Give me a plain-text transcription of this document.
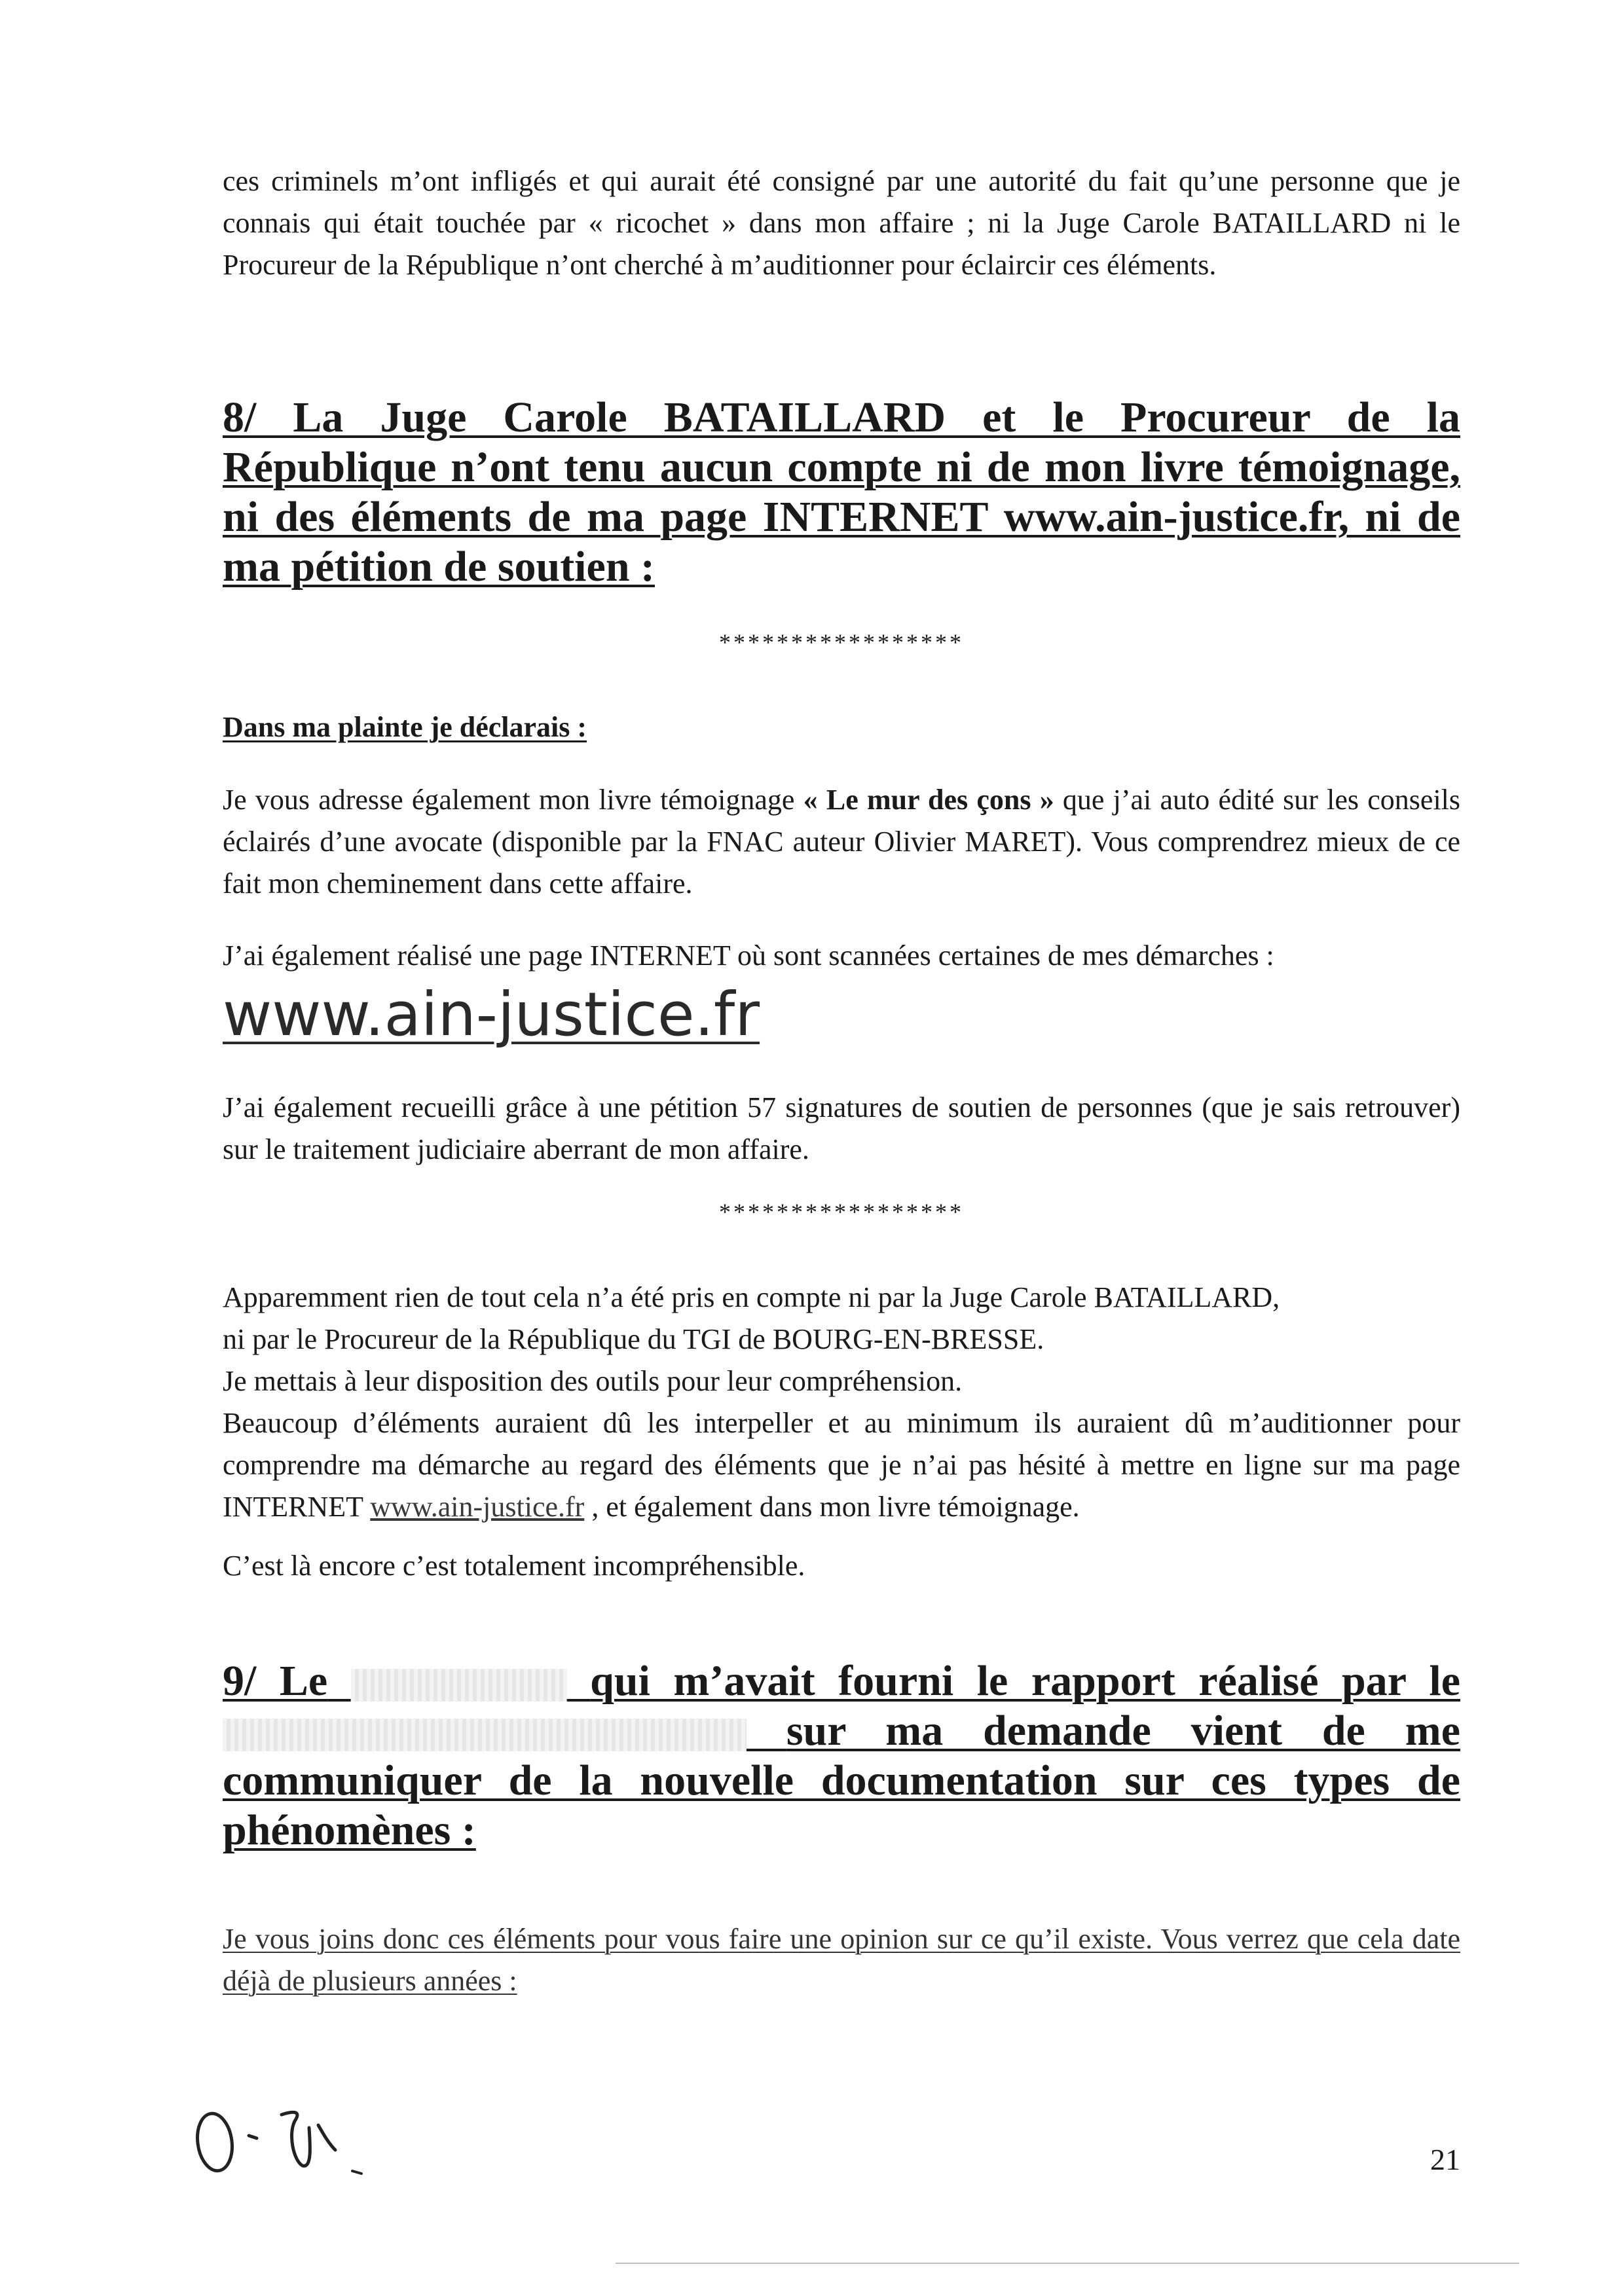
ces criminels m’ont infligés et qui aurait été consigné par une autorité du fait qu’une personne que je connais qui était touchée par « ricochet » dans mon affaire ; ni la Juge Carole BATAILLARD ni le Procureur de la République n’ont cherché à m’auditionner pour éclaircir ces éléments.

8/ La Juge Carole BATAILLARD et le Procureur de la
République n’ont tenu aucun compte ni de mon livre témoignage,
ni des éléments de ma page INTERNET www.ain-justice.fr, ni de
ma pétition de soutien :

*****************

Dans ma plainte je déclarais :

Je vous adresse également mon livre témoignage « Le mur des çons » que j’ai auto édité sur les conseils éclairés d’une avocate (disponible par la FNAC auteur Olivier MARET). Vous comprendrez mieux de ce fait mon cheminement dans cette affaire.

J’ai également réalisé une page INTERNET où sont scannées certaines de mes démarches :

www.ain-justice.fr

J’ai également recueilli grâce à une pétition 57 signatures de soutien de personnes (que je sais retrouver) sur le traitement judiciaire aberrant de mon affaire.

*****************

Apparemment rien de tout cela n’a été pris en compte ni par la Juge Carole BATAILLARD,
ni par le Procureur de la République du TGI de BOURG-EN-BRESSE.
Je mettais à leur disposition des outils pour leur compréhension.

Beaucoup d’éléments auraient dû les interpeller et au minimum ils auraient dû m’auditionner pour comprendre ma démarche au regard des éléments que je n’ai pas hésité à mettre en ligne sur ma page INTERNET www.ain-justice.fr , et également dans mon livre témoignage.

C’est là encore c’est totalement incompréhensible.

9/ Le	qui m’avait fourni le rapport réalisé par le
sur ma demande vient de me
communiquer de la nouvelle documentation sur ces types de
phénomènes :

Je vous joins donc ces éléments pour vous faire une opinion sur ce qu’il existe. Vous verrez que cela date déjà de plusieurs années :

21
